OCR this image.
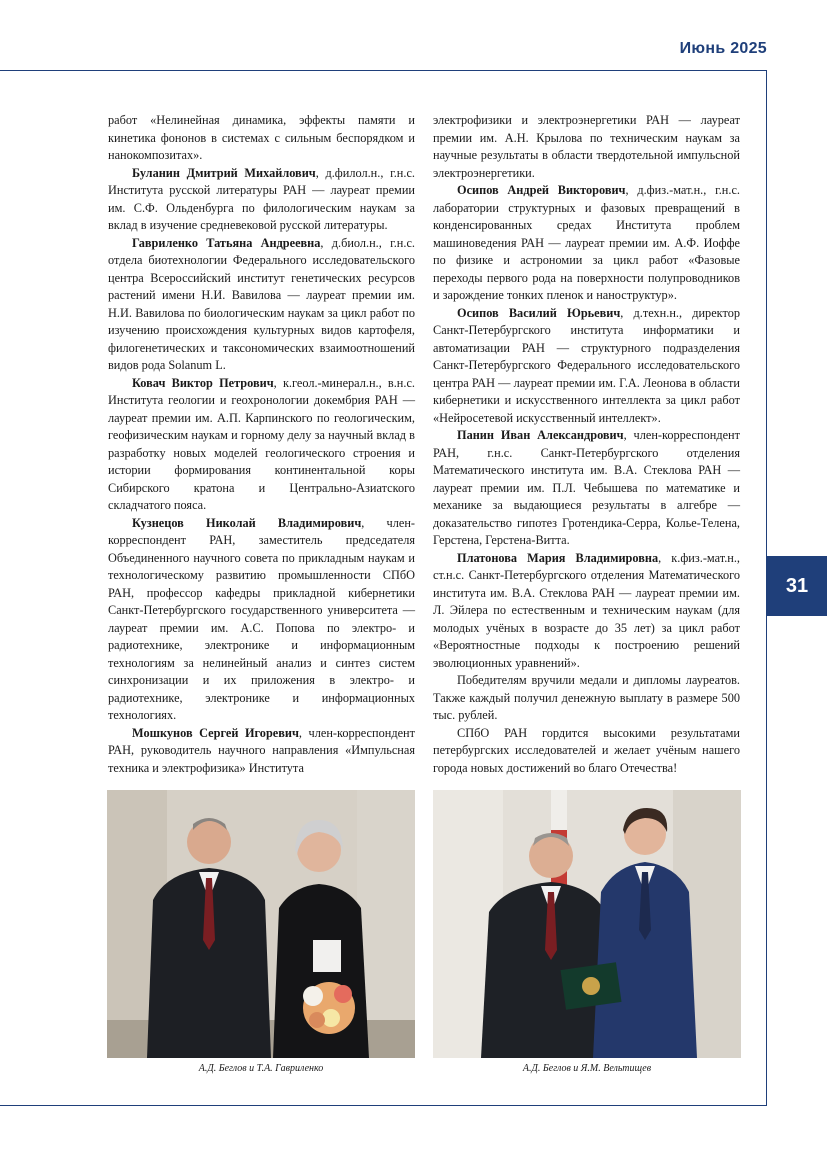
Июнь 2025
31

работ «Нелинейная динамика, эффекты памяти и кинетика фононов в системах с сильным беспорядком и нанокомпозитах».

Буланин Дмитрий Михайлович, д.филол.н., г.н.с. Института русской литературы РАН — лауреат премии им. С.Ф. Ольденбурга по филологическим наукам за вклад в изучение средневековой русской литературы.

Гавриленко Татьяна Андреевна, д.биол.н., г.н.с. отдела биотехнологии Федерального исследовательского центра Всероссийский институт генетических ресурсов растений имени Н.И. Вавилова — лауреат премии им. Н.И. Вавилова по биологическим наукам за цикл работ по изучению происхождения культурных видов картофеля, филогенетических и таксономических взаимоотношений видов рода Solanum L.

Ковач Виктор Петрович, к.геол.-минерал.н., в.н.с. Института геологии и геохронологии докембрия РАН — лауреат премии им. А.П. Карпинского по геологическим, геофизическим наукам и горному делу за научный вклад в разработку новых моделей геологического строения и истории формирования континентальной коры Сибирского кратона и Центрально-Азиатского складчатого пояса.

Кузнецов Николай Владимирович, член-корреспондент РАН, заместитель председателя Объединенного научного совета по прикладным наукам и технологическому развитию промышленности СПбО РАН, профессор кафедры прикладной кибернетики Санкт-Петербургского государственного университета — лауреат премии им. А.С. Попова по электро- и радиотехнике, электронике и информационным технологиям за нелинейный анализ и синтез систем синхронизации и их приложения в электро- и радиотехнике, электронике и информационных технологиях.

Мошкунов Сергей Игоревич, член-корреспондент РАН, руководитель научного направления «Импульсная техника и электрофизика» Института

электрофизики и электроэнергетики РАН — лауреат премии им. А.Н. Крылова по техническим наукам за научные результаты в области твердотельной импульсной электроэнергетики.

Осипов Андрей Викторович, д.физ.-мат.н., г.н.с. лаборатории структурных и фазовых превращений в конденсированных средах Института проблем машиноведения РАН — лауреат премии им. А.Ф. Иоффе по физике и астрономии за цикл работ «Фазовые переходы первого рода на поверхности полупроводников и зарождение тонких пленок и наноструктур».

Осипов Василий Юрьевич, д.техн.н., директор Санкт-Петербургского института информатики и автоматизации РАН — структурного подразделения Санкт-Петербургского Федерального исследовательского центра РАН — лауреат премии им. Г.А. Леонова в области кибернетики и искусственного интеллекта за цикл работ «Нейросетевой искусственный интеллект».

Панин Иван Александрович, член-корреспондент РАН, г.н.с. Санкт-Петербургского отделения Математического института им. В.А. Стеклова РАН — лауреат премии им. П.Л. Чебышева по математике и механике за выдающиеся результаты в алгебре — доказательство гипотез Гротендика-Серра, Колье-Телена, Герстена, Герстена-Витта.

Платонова Мария Владимировна, к.физ.-мат.н., ст.н.с. Санкт-Петербургского отделения Математического института им. В.А. Стеклова РАН — лауреат премии им. Л. Эйлера по естественным и техническим наукам (для молодых учёных в возрасте до 35 лет) за цикл работ «Вероятностные подходы к построению решений эволюционных уравнений».

Победителям вручили медали и дипломы лауреатов. Также каждый получил денежную выплату в размере 500 тыс. рублей.

СПбО РАН гордится высокими результатами петербургских исследователей и желает учёным нашего города новых достижений во благо Отечества!

А.Д. Беглов и Т.А. Гавриленко	А.Д. Беглов и Я.М. Вельтищев
